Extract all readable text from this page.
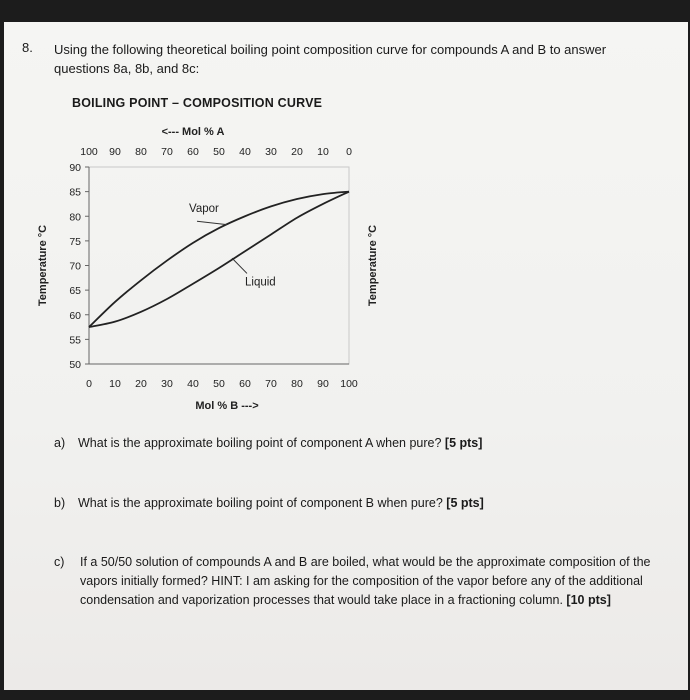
8. Using the following theoretical boiling point composition curve for compounds A and B to answer questions 8a, 8b, and 8c:
BOILING POINT – COMPOSITION CURVE
90
85
80
75
70
65
60
55
50
0 10 20 30 40 50 60 70 80 90 100
100 90 80 70 60 50 40 30 20 10 0
<--- Mol % A
Mol % B --->
Temperature °C	Temperature °C
Vapor
Liquid
a) What is the approximate boiling point of component A when pure? [5 pts]
b) What is the approximate boiling point of component B when pure? [5 pts]
c) If a 50/50 solution of compounds A and B are boiled, what would be the approximate composition of the vapors initially formed? HINT: I am asking for the composition of the vapor before any of the additional condensation and vaporization processes that would take place in a fractioning column. [10 pts]
